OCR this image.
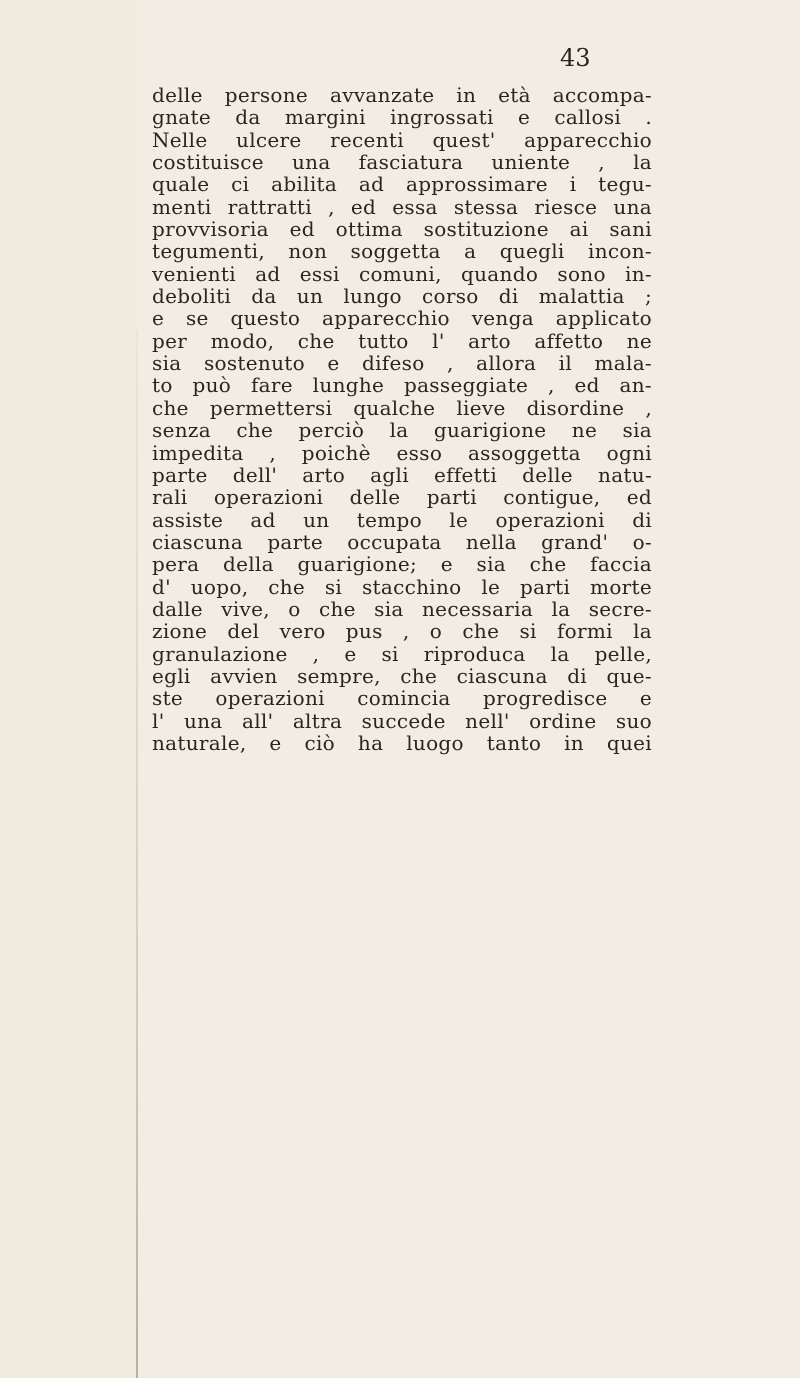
43
delle persone avvanzate in età accompa-
gnate da margini ingrossati e callosi .
Nelle ulcere recenti quest' apparecchio
costituisce una fasciatura uniente , la
quale ci abilita ad approssimare i tegu-
menti rattratti , ed essa stessa riesce una
provvisoria ed ottima sostituzione ai sani
tegumenti, non soggetta a quegli incon-
venienti ad essi comuni, quando sono in-
deboliti da un lungo corso di malattia ;
e se questo apparecchio venga applicato
per modo, che tutto l' arto affetto ne
sia sostenuto e difeso , allora il mala-
to può fare lunghe passeggiate , ed an-
che permettersi qualche lieve disordine ,
senza che perciò la guarigione ne sia
impedita , poichè esso assoggetta ogni
parte dell' arto agli effetti delle natu-
rali operazioni delle parti contigue, ed
assiste ad un tempo le operazioni di
ciascuna parte occupata nella grand' o-
pera della guarigione; e sia che faccia
d' uopo, che si stacchino le parti morte
dalle vive, o che sia necessaria la secre-
zione del vero pus , o che si formi la
granulazione , e si riproduca la pelle,
egli avvien sempre, che ciascuna di que-
ste operazioni comincia progredisce e
l' una all' altra succede nell' ordine suo
naturale, e ciò ha luogo tanto in quei
